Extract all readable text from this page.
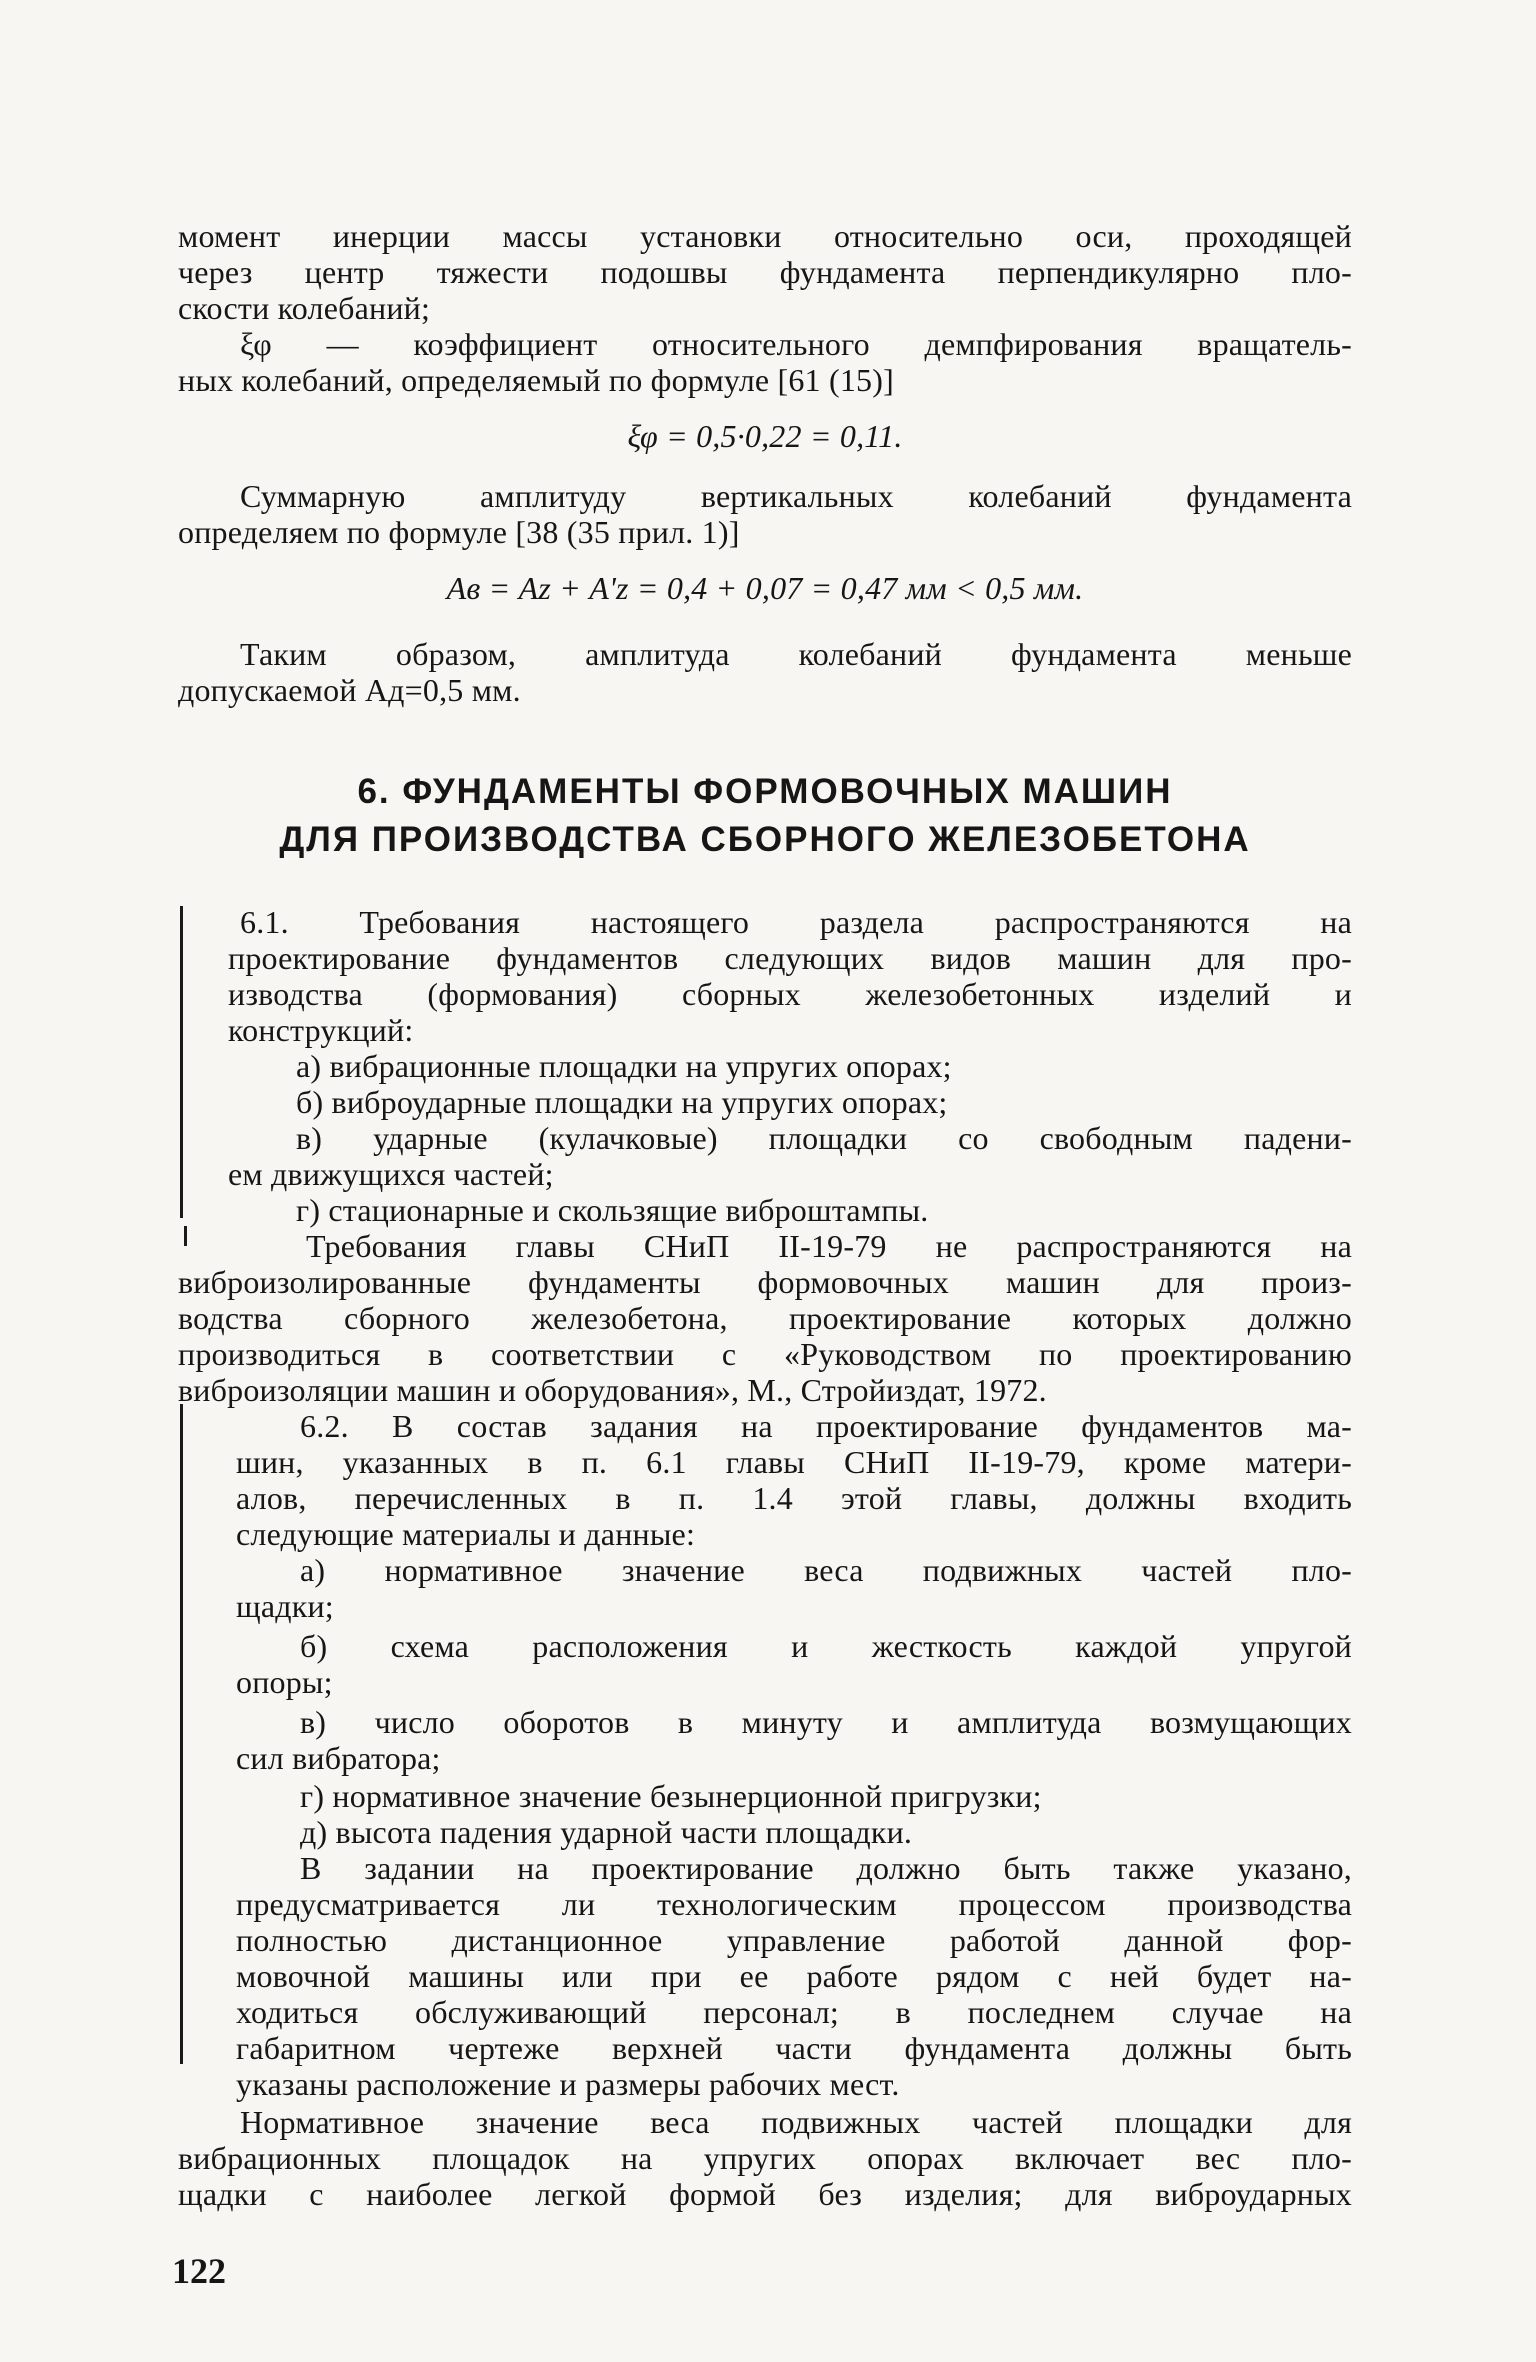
момент инерции массы установки относительно оси, проходящей
через центр тяжести подошвы фундамента перпендикулярно пло-
скости колебаний;
ξφ — коэффициент относительного демпфирования вращатель-
ных колебаний, определяемый по формуле [61 (15)]
ξφ = 0,5·0,22 = 0,11.
Суммарную амплитуду вертикальных колебаний фундамента
определяем по формуле [38 (35 прил. 1)]
Ав = Аz + А'z = 0,4 + 0,07 = 0,47 мм < 0,5 мм.
Таким образом, амплитуда колебаний фундамента меньше
допускаемой Ад=0,5 мм.
6. ФУНДАМЕНТЫ ФОРМОВОЧНЫХ МАШИН
ДЛЯ ПРОИЗВОДСТВА СБОРНОГО ЖЕЛЕЗОБЕТОНА
6.1. Требования настоящего раздела распространяются на
проектирование фундаментов следующих видов машин для про-
изводства (формования) сборных железобетонных изделий и
конструкций:
а) вибрационные площадки на упругих опорах;
б) виброударные площадки на упругих опорах;
в) ударные (кулачковые) площадки со свободным падени-
ем движущихся частей;
г) стационарные и скользящие виброштампы.
Требования главы СНиП II-19-79 не распространяются на
виброизолированные фундаменты формовочных машин для произ-
водства сборного железобетона, проектирование которых должно
производиться в соответствии с «Руководством по проектированию
виброизоляции машин и оборудования», М., Стройиздат, 1972.
6.2. В состав задания на проектирование фундаментов ма-
шин, указанных в п. 6.1 главы СНиП II-19-79, кроме матери-
алов, перечисленных в п. 1.4 этой главы, должны входить
следующие материалы и данные:
а) нормативное значение веса подвижных частей пло-
щадки;
б) схема расположения и жесткость каждой упругой
опоры;
в) число оборотов в минуту и амплитуда возмущающих
сил вибратора;
г) нормативное значение безынерционной пригрузки;
д) высота падения ударной части площадки.
В задании на проектирование должно быть также указано,
предусматривается ли технологическим процессом производства
полностью дистанционное управление работой данной фор-
мовочной машины или при ее работе рядом с ней будет на-
ходиться обслуживающий персонал; в последнем случае на
габаритном чертеже верхней части фундамента должны быть
указаны расположение и размеры рабочих мест.
Нормативное значение веса подвижных частей площадки для
вибрационных площадок на упругих опорах включает вес пло-
щадки с наиболее легкой формой без изделия; для виброударных
122
